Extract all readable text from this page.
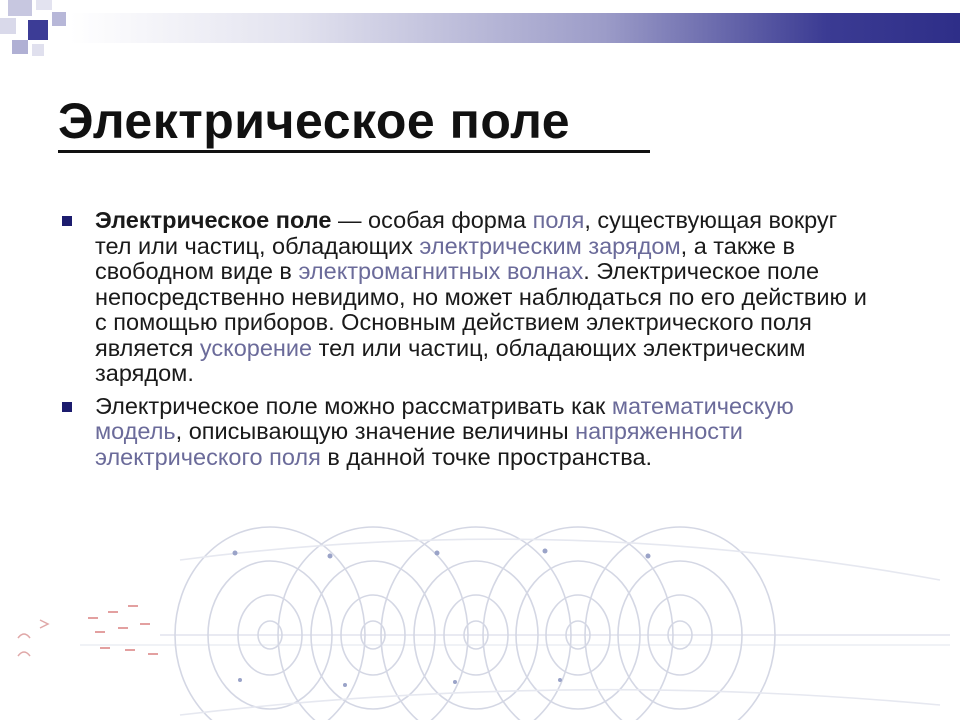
Электрическое поле
Электрическое поле — особая форма поля, существующая вокруг тел или частиц, обладающих электрическим зарядом, а также в свободном виде в электромагнитных волнах. Электрическое поле непосредственно невидимо, но может наблюдаться по его действию и с помощью приборов. Основным действием электрического поля является ускорение тел или частиц, обладающих электрическим зарядом.
Электрическое поле можно рассматривать как математическую модель, описывающую значение величины напряженности электрического поля в данной точке пространства.
